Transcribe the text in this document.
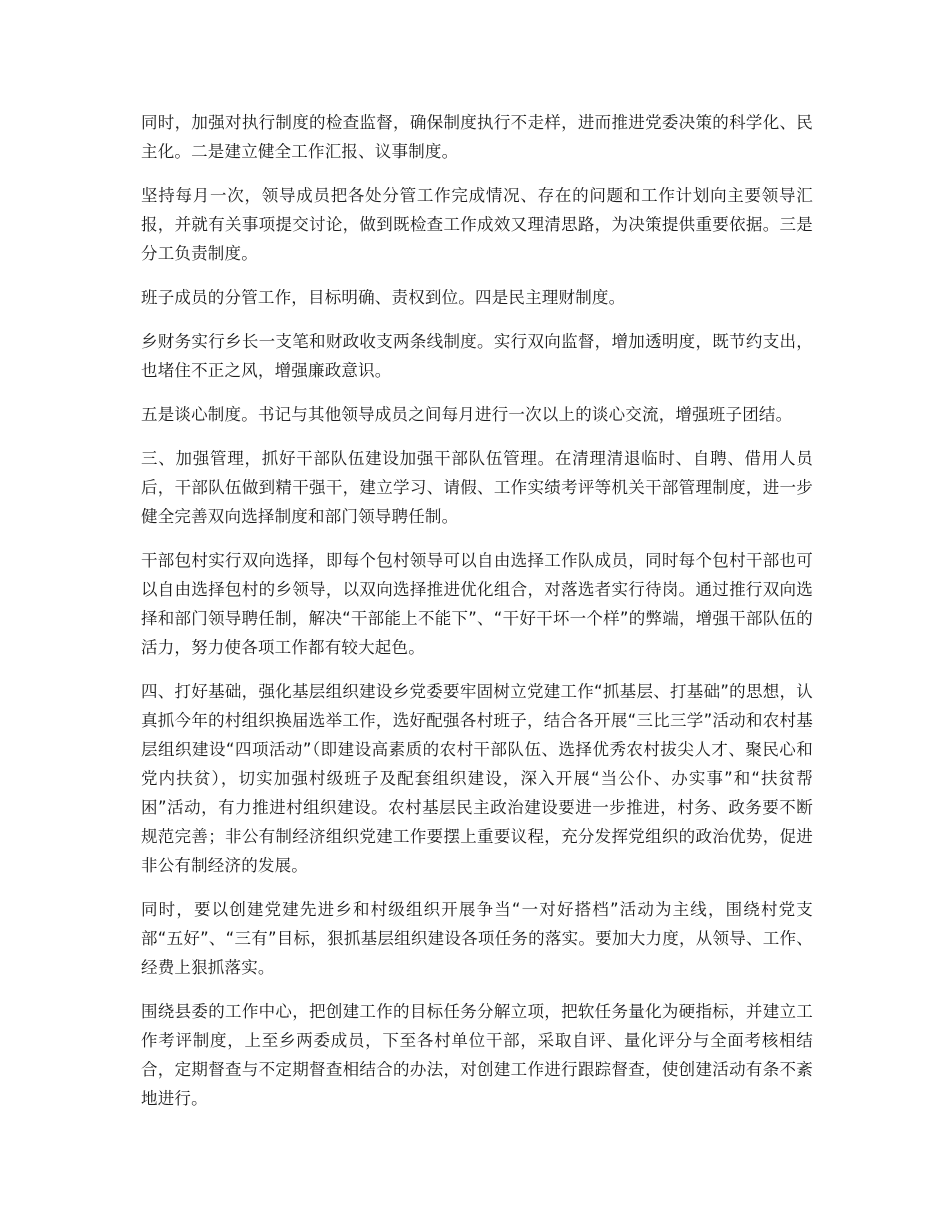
同时，加强对执行制度的检查监督，确保制度执行不走样，进而推进党委决策的科学化、民主化。二是建立健全工作汇报、议事制度。

坚持每月一次，领导成员把各处分管工作完成情况、存在的问题和工作计划向主要领导汇报，并就有关事项提交讨论，做到既检查工作成效又理清思路，为决策提供重要依据。三是分工负责制度。

班子成员的分管工作，目标明确、责权到位。四是民主理财制度。

乡财务实行乡长一支笔和财政收支两条线制度。实行双向监督，增加透明度，既节约支出，也堵住不正之风，增强廉政意识。

五是谈心制度。书记与其他领导成员之间每月进行一次以上的谈心交流，增强班子团结。

三、加强管理，抓好干部队伍建设加强干部队伍管理。在清理清退临时、自聘、借用人员后，干部队伍做到精干强干，建立学习、请假、工作实绩考评等机关干部管理制度，进一步健全完善双向选择制度和部门领导聘任制。

干部包村实行双向选择，即每个包村领导可以自由选择工作队成员，同时每个包村干部也可以自由选择包村的乡领导，以双向选择推进优化组合，对落选者实行待岗。通过推行双向选择和部门领导聘任制，解决“干部能上不能下”、“干好干坏一个样”的弊端，增强干部队伍的活力，努力使各项工作都有较大起色。

四、打好基础，强化基层组织建设乡党委要牢固树立党建工作“抓基层、打基础”的思想，认真抓今年的村组织换届选举工作，选好配强各村班子，结合各开展“三比三学”活动和农村基层组织建设“四项活动”（即建设高素质的农村干部队伍、选择优秀农村拔尖人才、聚民心和党内扶贫），切实加强村级班子及配套组织建设，深入开展“当公仆、办实事”和“扶贫帮困”活动，有力推进村组织建设。农村基层民主政治建设要进一步推进，村务、政务要不断规范完善；非公有制经济组织党建工作要摆上重要议程，充分发挥党组织的政治优势，促进非公有制经济的发展。

同时，要以创建党建先进乡和村级组织开展争当“一对好搭档”活动为主线，围绕村党支部“五好”、“三有”目标，狠抓基层组织建设各项任务的落实。要加大力度，从领导、工作、经费上狠抓落实。

围绕县委的工作中心，把创建工作的目标任务分解立项，把软任务量化为硬指标，并建立工作考评制度，上至乡两委成员，下至各村单位干部，采取自评、量化评分与全面考核相结合，定期督查与不定期督查相结合的办法，对创建工作进行跟踪督查，使创建活动有条不紊地进行。
